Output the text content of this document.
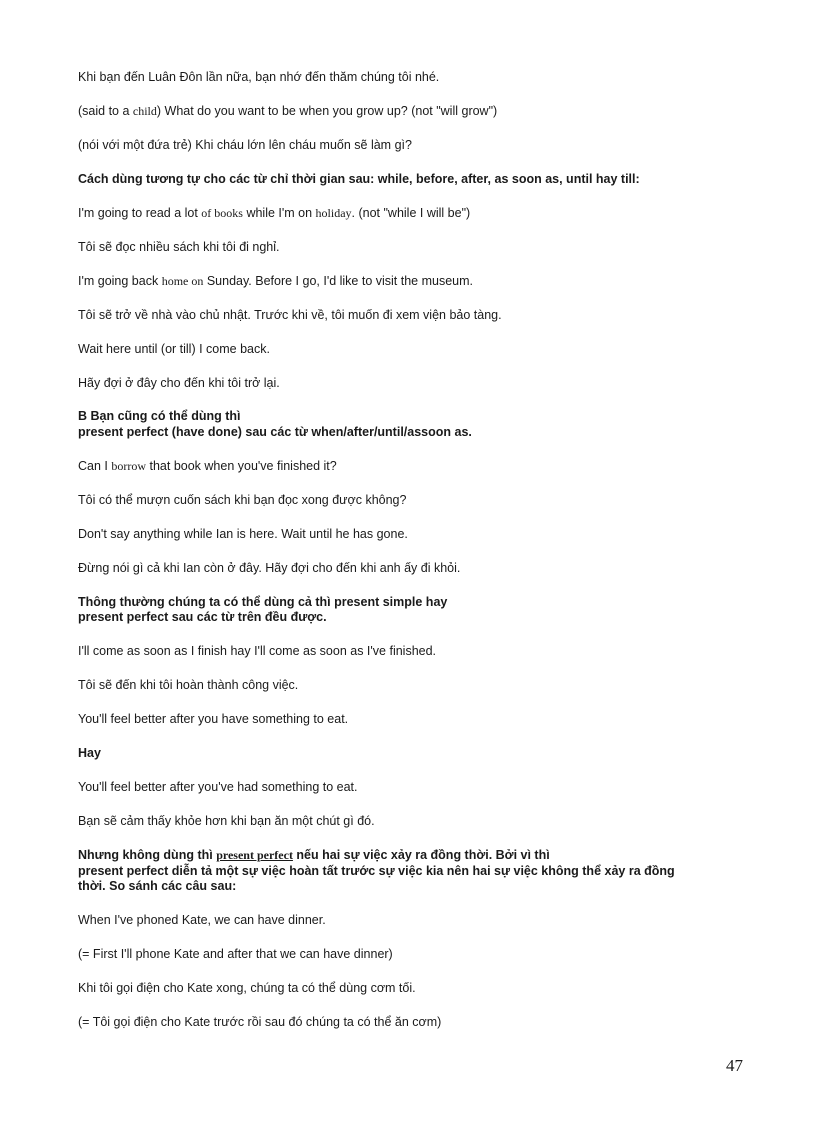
Khi bạn đến Luân Đôn lần nữa, bạn nhớ đến thăm chúng tôi nhé.
(said to a child) What do you want to be when you grow up? (not "will grow")
(nói với một đứa trẻ) Khi cháu lớn lên cháu muốn sẽ làm gì?
Cách dùng tương tự cho các từ chỉ thời gian sau: while, before, after, as soon as, until hay till:
I'm going to read a lot of books while I'm on holiday. (not "while I will be")
Tôi sẽ đọc nhiều sách khi tôi đi nghỉ.
I'm going back home on Sunday. Before I go, I'd like to visit the museum.
Tôi sẽ trở về nhà vào chủ nhật. Trước khi về, tôi muốn đi xem viện bảo tàng.
Wait here until (or till) I come back.
Hãy đợi ở đây cho đến khi tôi trở lại.
B Bạn cũng có thể dùng thì
present perfect (have done) sau các từ when/after/until/assoon as.
Can I borrow that book when you've finished it?
Tôi có thể mượn cuốn sách khi bạn đọc xong được không?
Don't say anything while Ian is here. Wait until he has gone.
Đừng nói gì cả khi Ian còn ở đây. Hãy đợi cho đến khi anh ấy đi khỏi.
Thông thường chúng ta có thể dùng cả thì present simple hay
present perfect sau các từ trên đều được.
I'll come as soon as I finish hay I'll come as soon as I've finished.
Tôi sẽ đến khi tôi hoàn thành công việc.
You'll feel better after you have something to eat.
Hay
You'll feel better after you've had something to eat.
Bạn sẽ cảm thấy khỏe hơn khi bạn ăn một chút gì đó.
Nhưng không dùng thì present perfect nếu hai sự việc xảy ra đồng thời. Bởi vì thì
present perfect diễn tả một sự việc hoàn tất trước sự việc kia nên hai sự việc không thể xảy ra đồng
thời. So sánh các câu sau:
When I've phoned Kate, we can have dinner.
(= First I'll phone Kate and after that we can have dinner)
Khi tôi gọi điện cho Kate xong, chúng ta có thể dùng cơm tối.
(= Tôi gọi điện cho Kate trước rồi sau đó chúng ta có thể ăn cơm)
47
